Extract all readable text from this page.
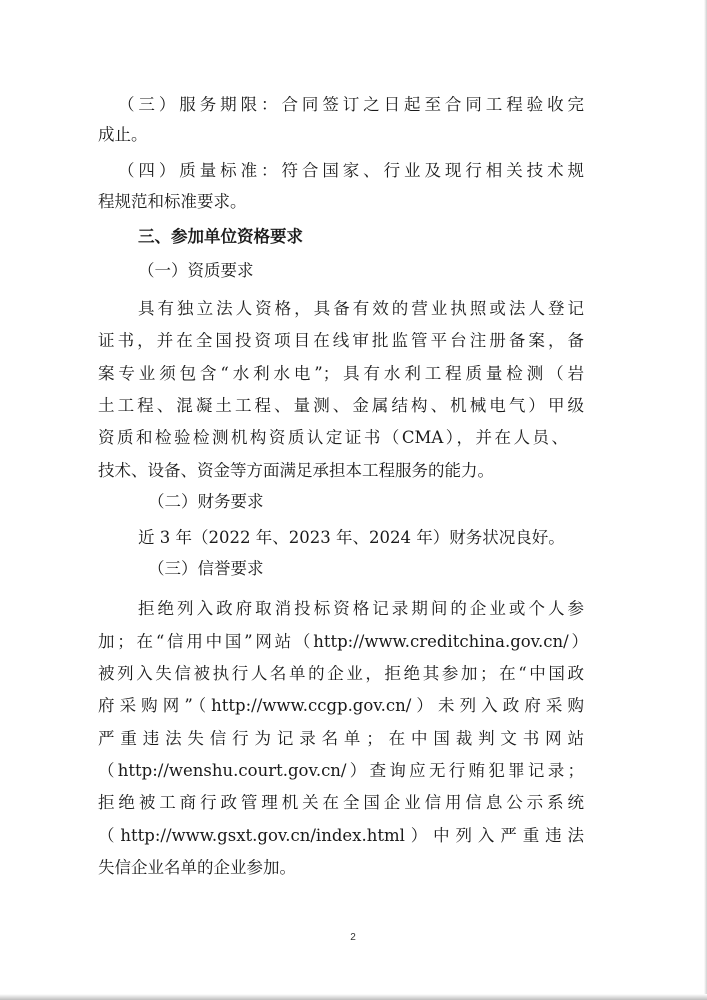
（三）服务期限：合同签订之日起至合同工程验收完
成止。
（四）质量标准：符合国家、行业及现行相关技术规
程规范和标准要求。
三、参加单位资格要求
（一）资质要求
具有独立法人资格，具备有效的营业执照或法人登记
证书，并在全国投资项目在线审批监管平台注册备案，备
案专业须包含“水利水电”；具有水利工程质量检测（岩
土工程、混凝土工程、量测、金属结构、机械电气）甲级
资质和检验检测机构资质认定证书（CMA），并在人员、
技术、设备、资金等方面满足承担本工程服务的能力。
（二）财务要求
近 3 年（2022 年、2023 年、2024 年）财务状况良好。
（三）信誉要求
拒绝列入政府取消投标资格记录期间的企业或个人参
加；在“信用中国”网站（http://www.creditchina.gov.cn/）
被列入失信被执行人名单的企业，拒绝其参加；在“中国政
府采购网”（http://www.ccgp.gov.cn/）未列入政府采购
严重违法失信行为记录名单；在中国裁判文书网站
（http://wenshu.court.gov.cn/）查询应无行贿犯罪记录；
拒绝被工商行政管理机关在全国企业信用信息公示系统
（http://www.gsxt.gov.cn/index.html）中列入严重违法
失信企业名单的企业参加。
2
